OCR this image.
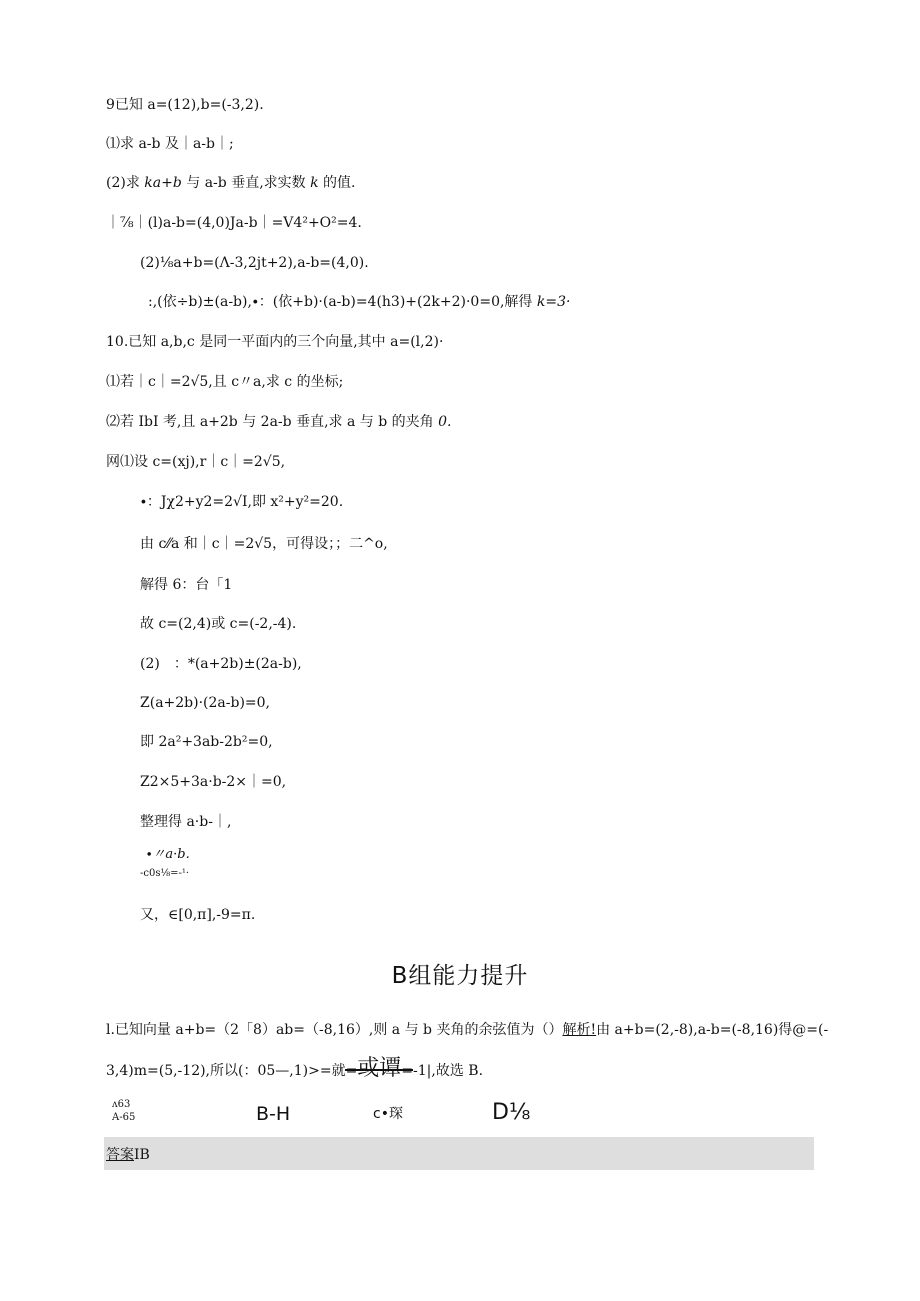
9已知 a=(12),b=(-3,2).
⑴求 a-b 及｜a-b｜;
(2)求 ka+b 与 a-b 垂直,求实数 k 的值.
｜⅞｜(l)a-b=(4,0)Ja-b｜=V4²+O²=4.
(2)⅛a+b=(Λ-3,2jt+2),a-b=(4,0).
:,(依÷b)±(a-b),∙：(依+b)·(a-b)=4(h3)+(2k+2)·0=0,解得 k=3·
10.已知 a,b,c 是同一平面内的三个向量,其中 a=(l,2)·
⑴若｜c｜=2√5,且 c〃a,求 c 的坐标;
⑵若 IbI 考,且 a+2b 与 2a-b 垂直,求 a 与 b 的夹角 0.
网⑴设 c=(xj),r｜c｜=2√5,
∙：Jχ2+y2=2√I,即 x²+y²=20.
由 c⁄⁄a 和｜c｜=2√5，可得设；；二^o,
解得 6：台「1
故 c=(2,4)或 c=(-2,-4).
(2)　：*(a+2b)±(2a-b),
Z(a+2b)·(2a-b)=0,
即 2a²+3ab-2b²=0,
Z2×5+3a·b-2×｜=0,
整理得 a·b-｜,
∙〃a·b.
-c0s⅛=-¹·
又，∈[0,π],-9=π.
B组能力提升
l.已知向量 a+b=（2「8）ab=（-8,16）,则 a 与 b 夹角的余弦值为（）解析!由 a+b=(2,-8),a-b=(-8,16)得@=(-
3,4)m=(5,-12),所以(：05—,1)>=就=或谭=-1|,故选 B.
ʌ63
A-65	B-H	c•琛	D⅛
答案IB
